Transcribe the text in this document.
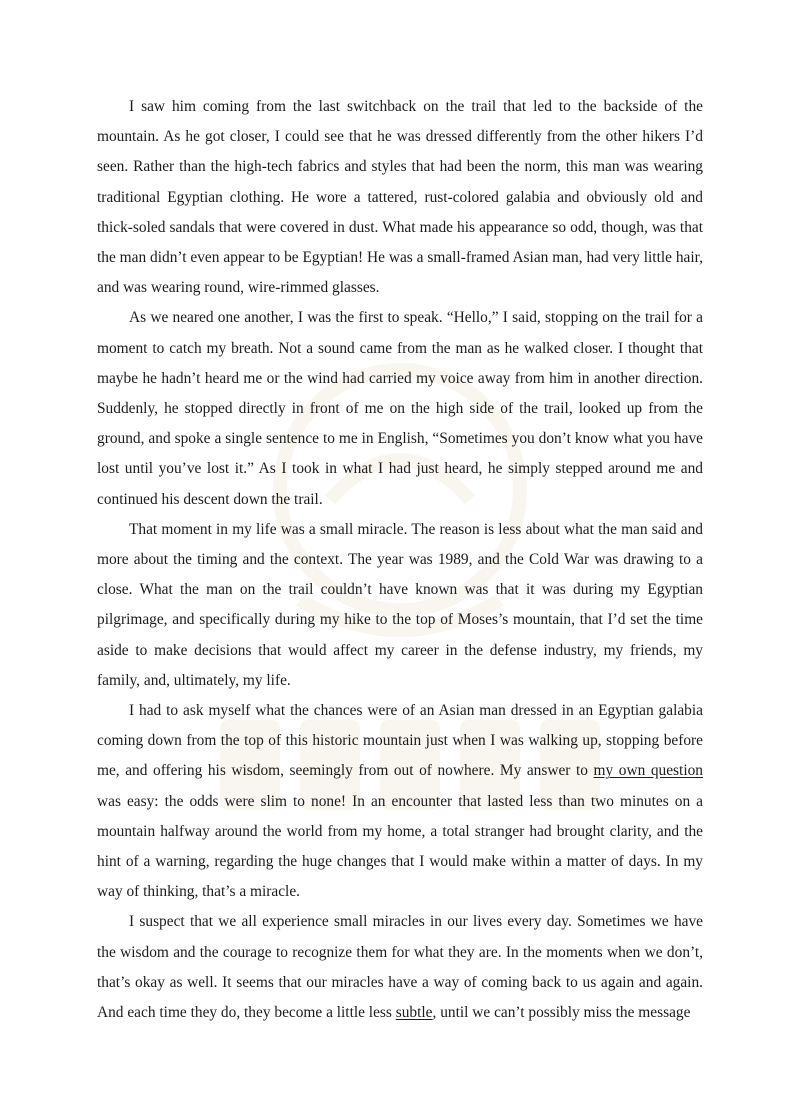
I saw him coming from the last switchback on the trail that led to the backside of the mountain. As he got closer, I could see that he was dressed differently from the other hikers I’d seen. Rather than the high-tech fabrics and styles that had been the norm, this man was wearing traditional Egyptian clothing. He wore a tattered, rust-colored galabia and obviously old and thick-soled sandals that were covered in dust. What made his appearance so odd, though, was that the man didn’t even appear to be Egyptian! He was a small-framed Asian man, had very little hair, and was wearing round, wire-rimmed glasses.

As we neared one another, I was the first to speak. “Hello,” I said, stopping on the trail for a moment to catch my breath. Not a sound came from the man as he walked closer. I thought that maybe he hadn’t heard me or the wind had carried my voice away from him in another direction. Suddenly, he stopped directly in front of me on the high side of the trail, looked up from the ground, and spoke a single sentence to me in English, “Sometimes you don’t know what you have lost until you’ve lost it.” As I took in what I had just heard, he simply stepped around me and continued his descent down the trail.

That moment in my life was a small miracle. The reason is less about what the man said and more about the timing and the context. The year was 1989, and the Cold War was drawing to a close. What the man on the trail couldn’t have known was that it was during my Egyptian pilgrimage, and specifically during my hike to the top of Moses’s mountain, that I’d set the time aside to make decisions that would affect my career in the defense industry, my friends, my family, and, ultimately, my life.

I had to ask myself what the chances were of an Asian man dressed in an Egyptian galabia coming down from the top of this historic mountain just when I was walking up, stopping before me, and offering his wisdom, seemingly from out of nowhere. My answer to my own question was easy: the odds were slim to none! In an encounter that lasted less than two minutes on a mountain halfway around the world from my home, a total stranger had brought clarity, and the hint of a warning, regarding the huge changes that I would make within a matter of days. In my way of thinking, that’s a miracle.

I suspect that we all experience small miracles in our lives every day. Sometimes we have the wisdom and the courage to recognize them for what they are. In the moments when we don’t, that’s okay as well. It seems that our miracles have a way of coming back to us again and again. And each time they do, they become a little less subtle, until we can’t possibly miss the message
